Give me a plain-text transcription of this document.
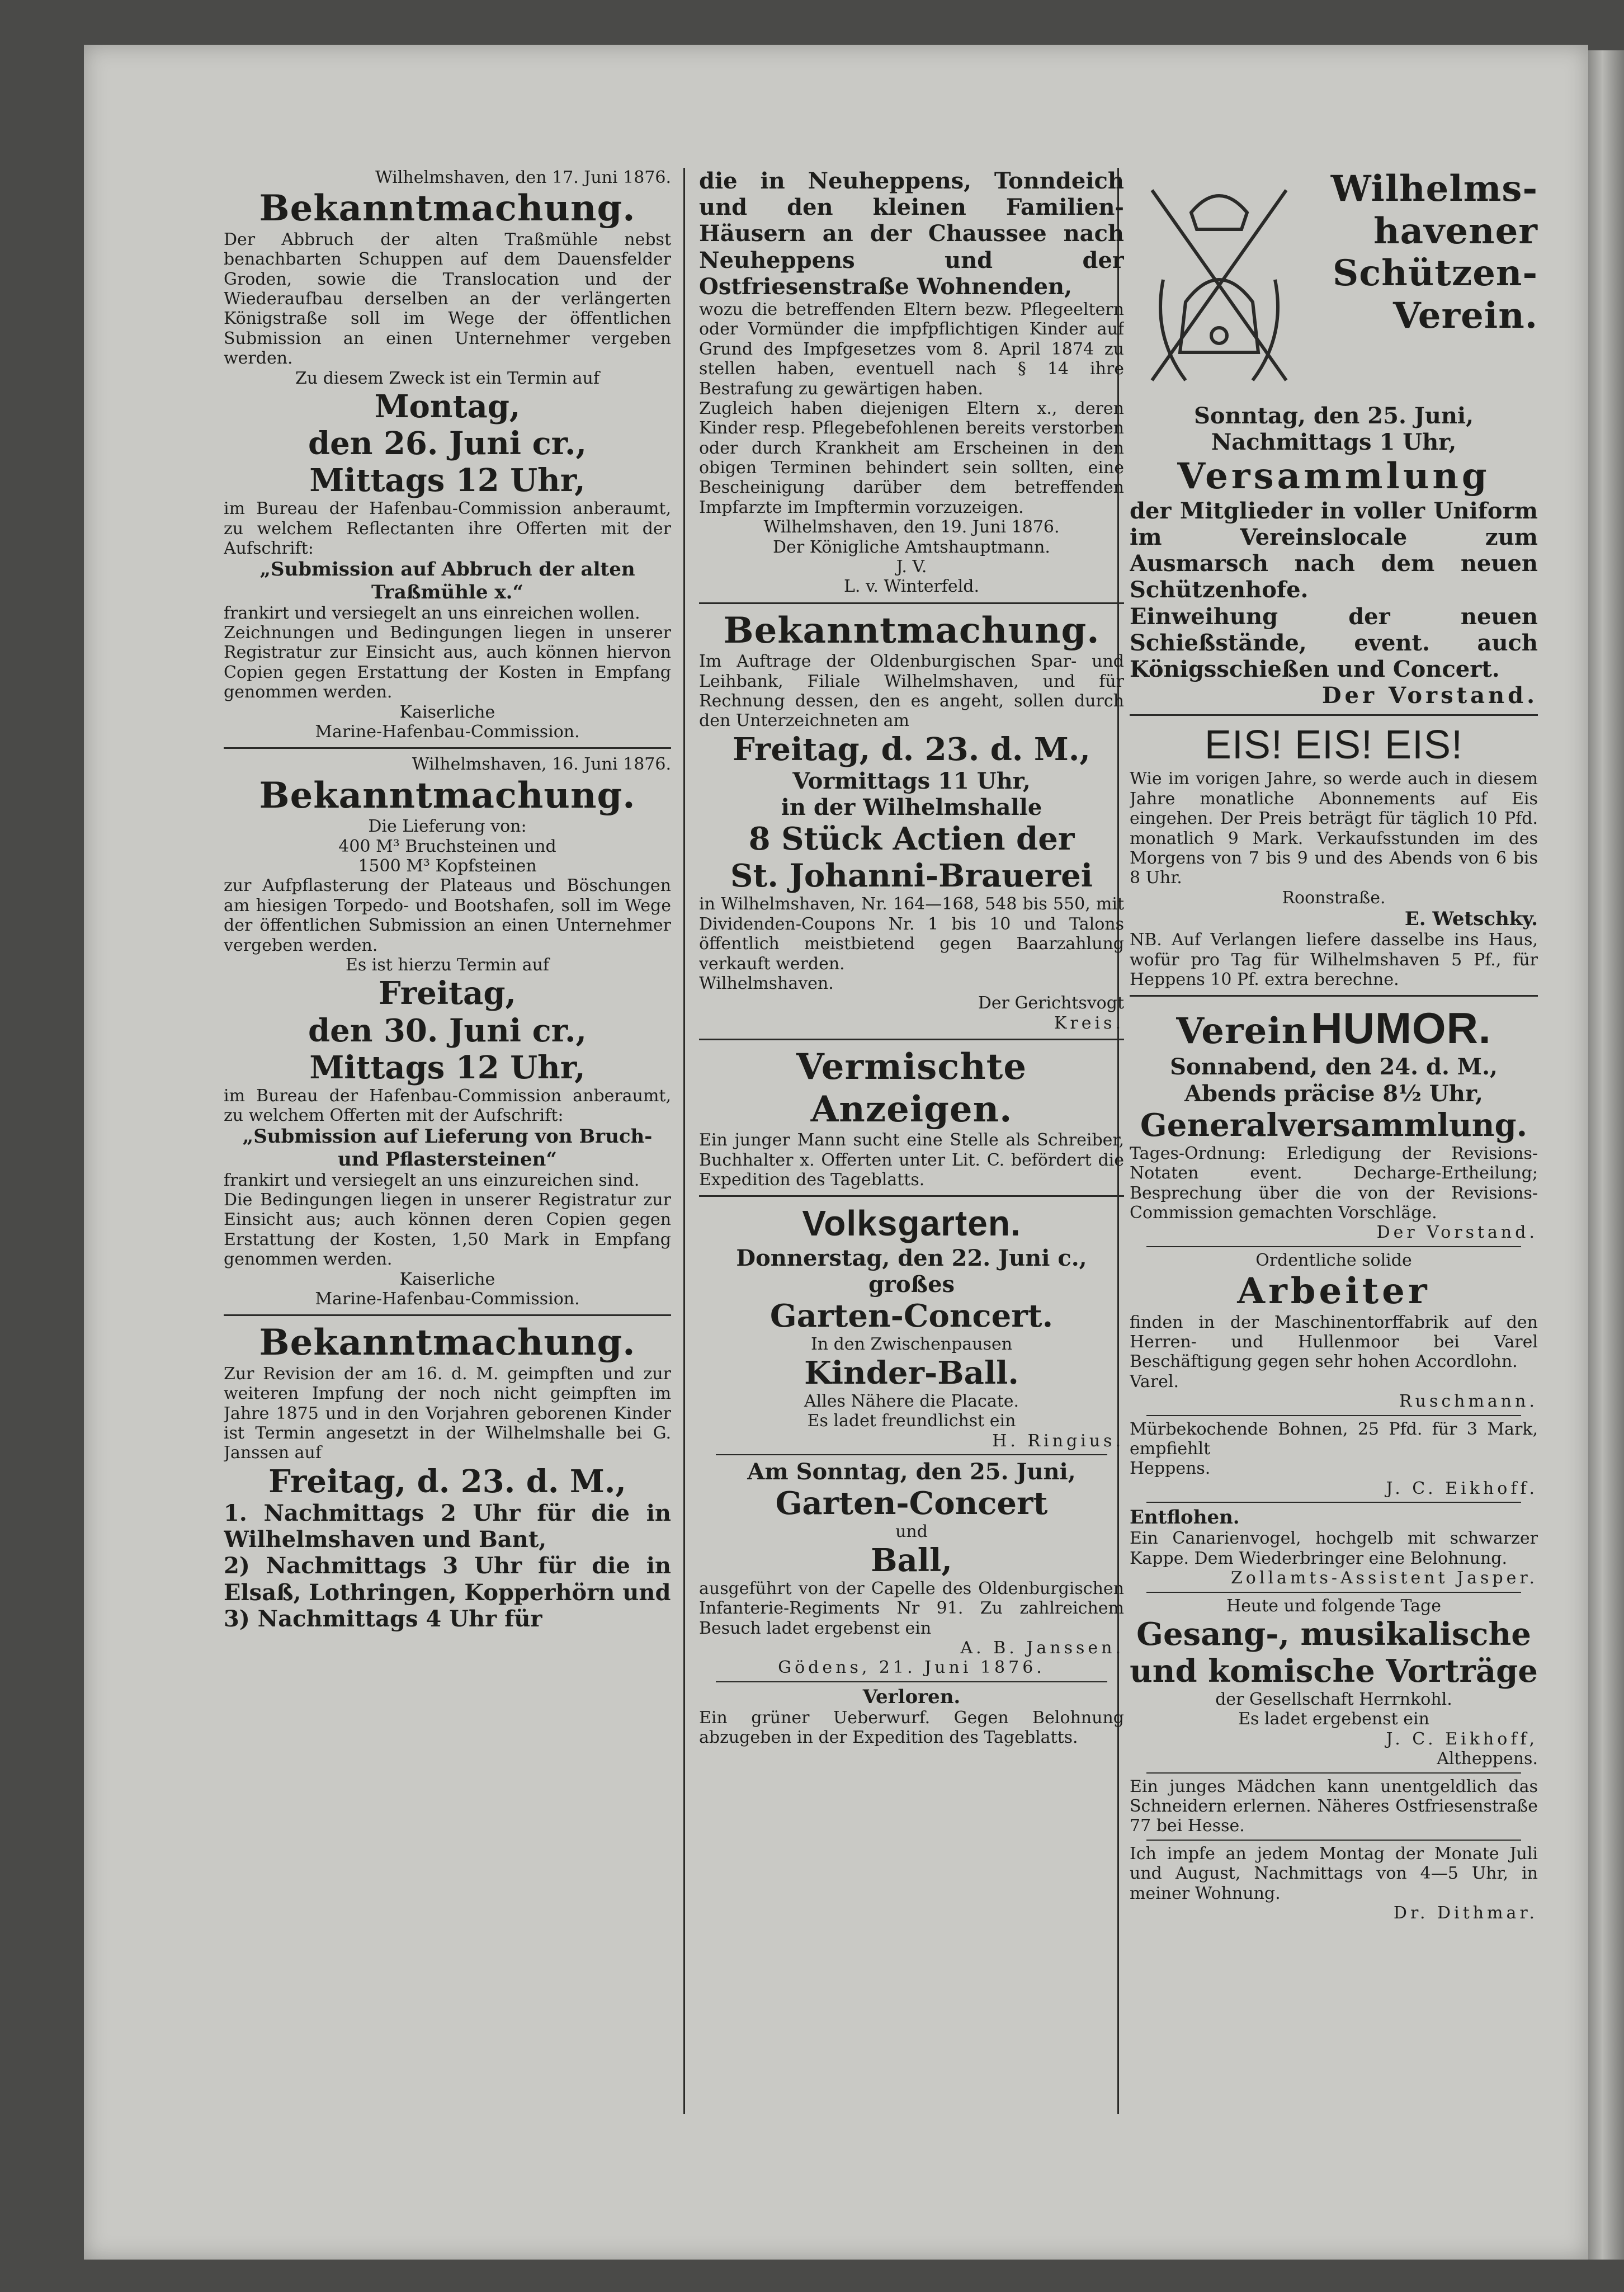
Wilhelmshaven, den 17. Juni 1876.
Bekanntmachung.
Der Abbruch der alten Traßmühle nebst benachbarten Schuppen auf dem Dauensfelder Groden, sowie die Translocation und der Wiederaufbau derselben an der verlängerten Königstraße soll im Wege der öffentlichen Submission an einen Unternehmer vergeben werden.
Zu diesem Zweck ist ein Termin auf
Montag,
den 26. Juni cr.,
Mittags 12 Uhr,
im Bureau der Hafenbau-Commission anberaumt, zu welchem Reflectanten ihre Offerten mit der Aufschrift:
„Submission auf Abbruch der alten Traßmühle x.“
frankirt und versiegelt an uns einreichen wollen.
Zeichnungen und Bedingungen liegen in unserer Registratur zur Einsicht aus, auch können hiervon Copien gegen Erstattung der Kosten in Empfang genommen werden.
Kaiserliche
Marine-Hafenbau-Commission.
Wilhelmshaven, 16. Juni 1876.
Bekanntmachung.
Die Lieferung von:
400 M³ Bruchsteinen und
1500 M³ Kopfsteinen
zur Aufpflasterung der Plateaus und Böschungen am hiesigen Torpedo- und Bootshafen, soll im Wege der öffentlichen Submission an einen Unternehmer vergeben werden.
Es ist hierzu Termin auf
Freitag,
den 30. Juni cr.,
Mittags 12 Uhr,
im Bureau der Hafenbau-Commission anberaumt, zu welchem Offerten mit der Aufschrift:
„Submission auf Lieferung von Bruch- und Pflastersteinen“
frankirt und versiegelt an uns einzureichen sind.
Die Bedingungen liegen in unserer Registratur zur Einsicht aus; auch können deren Copien gegen Erstattung der Kosten, 1,50 Mark in Empfang genommen werden.
Kaiserliche
Marine-Hafenbau-Commission.
Bekanntmachung.
Zur Revision der am 16. d. M. geimpften und zur weiteren Impfung der noch nicht geimpften im Jahre 1875 und in den Vorjahren geborenen Kinder ist Termin angesetzt in der Wilhelmshalle bei G. Janssen auf
Freitag, d. 23. d. M.,
1. Nachmittags 2 Uhr für die in Wilhelmshaven und Bant,
2) Nachmittags 3 Uhr für die in Elsaß, Lothringen, Kopperhörn und
3) Nachmittags 4 Uhr für
die in Neuheppens, Tonndeich und den kleinen Familien-Häusern an der Chaussee nach Neuheppens und der Ostfriesenstraße Wohnenden,
wozu die betreffenden Eltern bezw. Pflegeeltern oder Vormünder die impfpflichtigen Kinder auf Grund des Impfgesetzes vom 8. April 1874 zu stellen haben, eventuell nach § 14 ihre Bestrafung zu gewärtigen haben.
Zugleich haben diejenigen Eltern x., deren Kinder resp. Pflegebefohlenen bereits verstorben oder durch Krankheit am Erscheinen in den obigen Terminen behindert sein sollten, eine Bescheinigung darüber dem betreffenden Impfarzte im Impftermin vorzuzeigen.
Wilhelmshaven, den 19. Juni 1876.
Der Königliche Amtshauptmann.
J. V.
L. v. Winterfeld.
Bekanntmachung.
Im Auftrage der Oldenburgischen Spar- und Leihbank, Filiale Wilhelmshaven, und für Rechnung dessen, den es angeht, sollen durch den Unterzeichneten am
Freitag, d. 23. d. M.,
Vormittags 11 Uhr,
in der Wilhelmshalle
8 Stück Actien der
St. Johanni-Brauerei
in Wilhelmshaven, Nr. 164—168, 548 bis 550, mit Dividenden-Coupons Nr. 1 bis 10 und Talons öffentlich meistbietend gegen Baarzahlung verkauft werden.
Wilhelmshaven.
Der Gerichtsvogt
Kreis.
Vermischte Anzeigen.
Ein junger Mann sucht eine Stelle als Schreiber, Buchhalter x. Offerten unter Lit. C. befördert die Expedition des Tageblatts.
Volksgarten.
Donnerstag, den 22. Juni c.,
großes
Garten-Concert.
In den Zwischenpausen
Kinder-Ball.
Alles Nähere die Placate.
Es ladet freundlichst ein
H. Ringius.
Am Sonntag, den 25. Juni,
Garten-Concert
und
Ball,
ausgeführt von der Capelle des Oldenburgischen Infanterie-Regiments Nr 91. Zu zahlreichem Besuch ladet ergebenst ein
A. B. Janssen.
Gödens, 21. Juni 1876.
Verloren.
Ein grüner Ueberwurf. Gegen Belohnung abzugeben in der Expedition des Tageblatts.
Wilhelms-
havener
Schützen-
Verein.
Sonntag, den 25. Juni,
Nachmittags 1 Uhr,
Versammlung
der Mitglieder in voller Uniform im Vereinslocale zum Ausmarsch nach dem neuen Schützenhofe.
Einweihung der neuen Schießstände, event. auch Königsschießen und Concert.
Der Vorstand.
EIS! EIS! EIS!
Wie im vorigen Jahre, so werde auch in diesem Jahre monatliche Abonnements auf Eis eingehen. Der Preis beträgt für täglich 10 Pfd. monatlich 9 Mark. Verkaufsstunden im des Morgens von 7 bis 9 und des Abends von 6 bis 8 Uhr.
Roonstraße.
E. Wetschky.
NB. Auf Verlangen liefere dasselbe ins Haus, wofür pro Tag für Wilhelmshaven 5 Pf., für Heppens 10 Pf. extra berechne.
Verein HUMOR.
Sonnabend, den 24. d. M.,
Abends präcise 8½ Uhr,
Generalversammlung.
Tages-Ordnung: Erledigung der Revisions-Notaten event. Decharge-Ertheilung; Besprechung über die von der Revisions-Commission gemachten Vorschläge.
Der Vorstand.
Ordentliche solide
Arbeiter
finden in der Maschinentorffabrik auf den Herren- und Hullenmoor bei Varel Beschäftigung gegen sehr hohen Accordlohn.
Varel.
Ruschmann.
Mürbekochende Bohnen, 25 Pfd. für 3 Mark, empfiehlt
Heppens.
J. C. Eikhoff.
Entflohen.
Ein Canarienvogel, hochgelb mit schwarzer Kappe. Dem Wiederbringer eine Belohnung.
Zollamts-Assistent Jasper.
Heute und folgende Tage
Gesang-, musikalische und komische Vorträge
der Gesellschaft Herrnkohl.
Es ladet ergebenst ein
J. C. Eikhoff,
Altheppens.
Ein junges Mädchen kann unentgeldlich das Schneidern erlernen. Näheres Ostfriesenstraße 77 bei Hesse.
Ich impfe an jedem Montag der Monate Juli und August, Nachmittags von 4—5 Uhr, in meiner Wohnung.
Dr. Dithmar.
